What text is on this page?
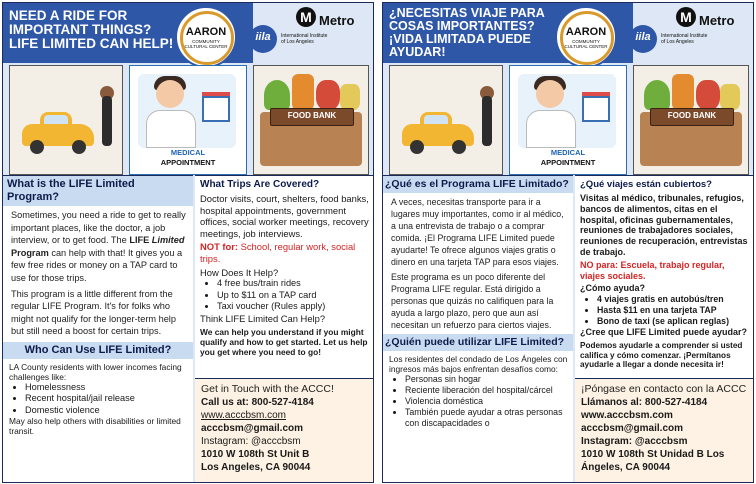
NEED A RIDE FOR
IMPORTANT THINGS?
LIFE LIMITED CAN HELP!
AARON
COMMUNITY
CULTURAL CENTER
iila	International Institute
of Los Angeles
M Metro
MEDICAL
APPOINTMENT
FOOD BANK
What is the LIFE Limited Program?
Sometimes, you need a ride to get to really important places, like the doctor, a job interview, or to get food. The LIFE Limited Program can help with that! It gives you a few free rides or money on a TAP card to use for those trips.
This program is a little different from the regular LIFE Program. It's for folks who might not qualify for the longer-term help but still need a boost for certain trips.
Who Can Use LIFE Limited?
LA County residents with lower incomes facing challenges like:
• Homelessness
• Recent hospital/jail release
• Domestic violence
May also help others with disabilities or limited transit.
What Trips Are Covered?
Doctor visits, court, shelters, food banks, hospital appointments, government offices, social worker meetings, recovery meetings, job interviews.
NOT for: School, regular work, social trips.
How Does It Help?
• 4 free bus/train rides
• Up to $11 on a TAP card
• Taxi voucher (Rules apply)
Think LIFE Limited Can Help?
We can help you understand if you might qualify and how to get started. Let us help you get where you need to go!
Get in Touch with the ACCC!
Call us at: 800-527-4184
www.acccbsm.com
acccbsm@gmail.com
Instagram: @acccbsm
1010 W 108th St Unit B
Los Angeles, CA 90044
¿NECESITAS VIAJE PARA
COSAS IMPORTANTES?
¡VIDA LIMITADA PUEDE
AYUDAR!
AARON
COMMUNITY
CULTURAL CENTER
iila	International Institute
of Los Angeles
M Metro
MEDICAL
APPOINTMENT
FOOD BANK
¿Qué es el Programa LIFE Limitado?
A veces, necesitas transporte para ir a lugares muy importantes, como ir al médico, a una entrevista de trabajo o a comprar comida. ¡El Programa LIFE Limited puede ayudarte! Te ofrece algunos viajes gratis o dinero en una tarjeta TAP para esos viajes.
Este programa es un poco diferente del Programa LIFE regular. Está dirigido a personas que quizás no califiquen para la ayuda a largo plazo, pero que aun así necesitan un refuerzo para ciertos viajes.
¿Quién puede utilizar LIFE Limited?
Los residentes del condado de Los Ángeles con ingresos más bajos enfrentan desafíos como:
• Personas sin hogar
• Reciente liberación del hospital/cárcel
• Violencia doméstica
• También puede ayudar a otras personas con discapacidades o
¿Qué viajes están cubiertos?
Visitas al médico, tribunales, refugios, bancos de alimentos, citas en el hospital, oficinas gubernamentales, reuniones de trabajadores sociales, reuniones de recuperación, entrevistas de trabajo.
NO para: Escuela, trabajo regular, viajes sociales.
¿Cómo ayuda?
• 4 viajes gratis en autobús/tren
• Hasta $11 en una tarjeta TAP
• Bono de taxi (se aplican reglas)
¿Cree que LIFE Limited puede ayudar?
Podemos ayudarle a comprender si usted califica y cómo comenzar. ¡Permítanos ayudarle a llegar a donde necesita ir!
¡Póngase en contacto con la ACCC
Llámanos al: 800-527-4184
www.acccbsm.com
acccbsm@gmail.com
Instagram: @acccbsm
1010 W 108th St Unidad B Los
Ángeles, CA 90044
